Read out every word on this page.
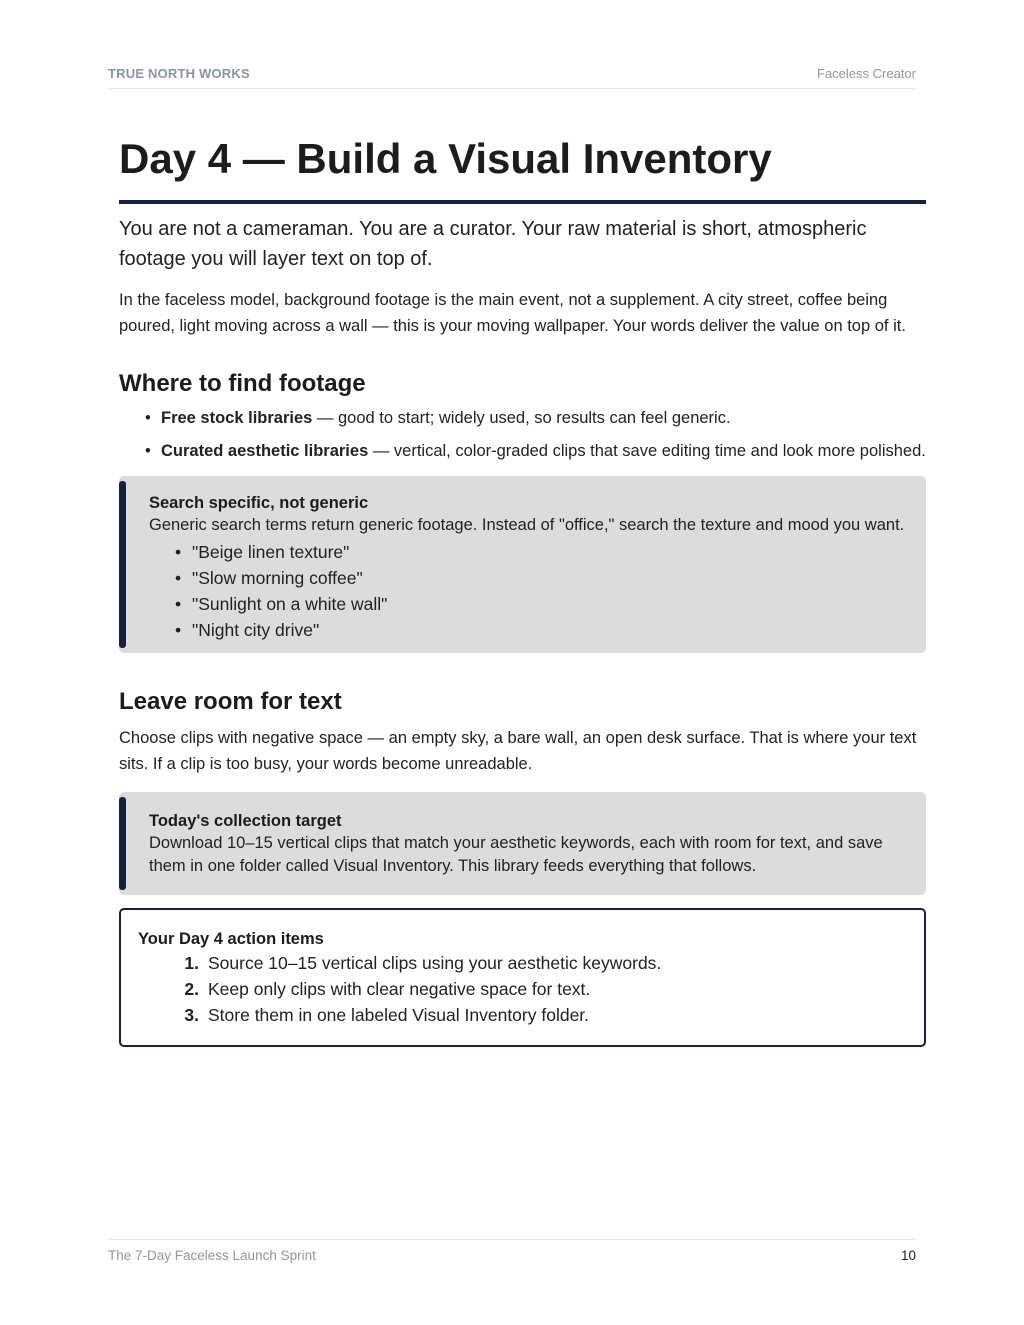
TRUE NORTH WORKS	Faceless Creator
Day 4 — Build a Visual Inventory

You are not a cameraman. You are a curator. Your raw material is short, atmospheric footage you will layer text on top of.

In the faceless model, background footage is the main event, not a supplement. A city street, coffee being poured, light moving across a wall — this is your moving wallpaper. Your words deliver the value on top of it.

Where to find footage
• Free stock libraries — good to start; widely used, so results can feel generic.
• Curated aesthetic libraries — vertical, color-graded clips that save editing time and look more polished.
Search specific, not generic
Generic search terms return generic footage. Instead of "office," search the texture and mood you want.
• "Beige linen texture"
• "Slow morning coffee"
• "Sunlight on a white wall"
• "Night city drive"
Leave room for text

Choose clips with negative space — an empty sky, a bare wall, an open desk surface. That is where your text sits. If a clip is too busy, your words become unreadable.

Today's collection target
Download 10–15 vertical clips that match your aesthetic keywords, each with room for text, and save them in one folder called Visual Inventory. This library feeds everything that follows.
Your Day 4 action items
1. Source 10–15 vertical clips using your aesthetic keywords.
2. Keep only clips with clear negative space for text.
3. Store them in one labeled Visual Inventory folder.
The 7-Day Faceless Launch Sprint	10
